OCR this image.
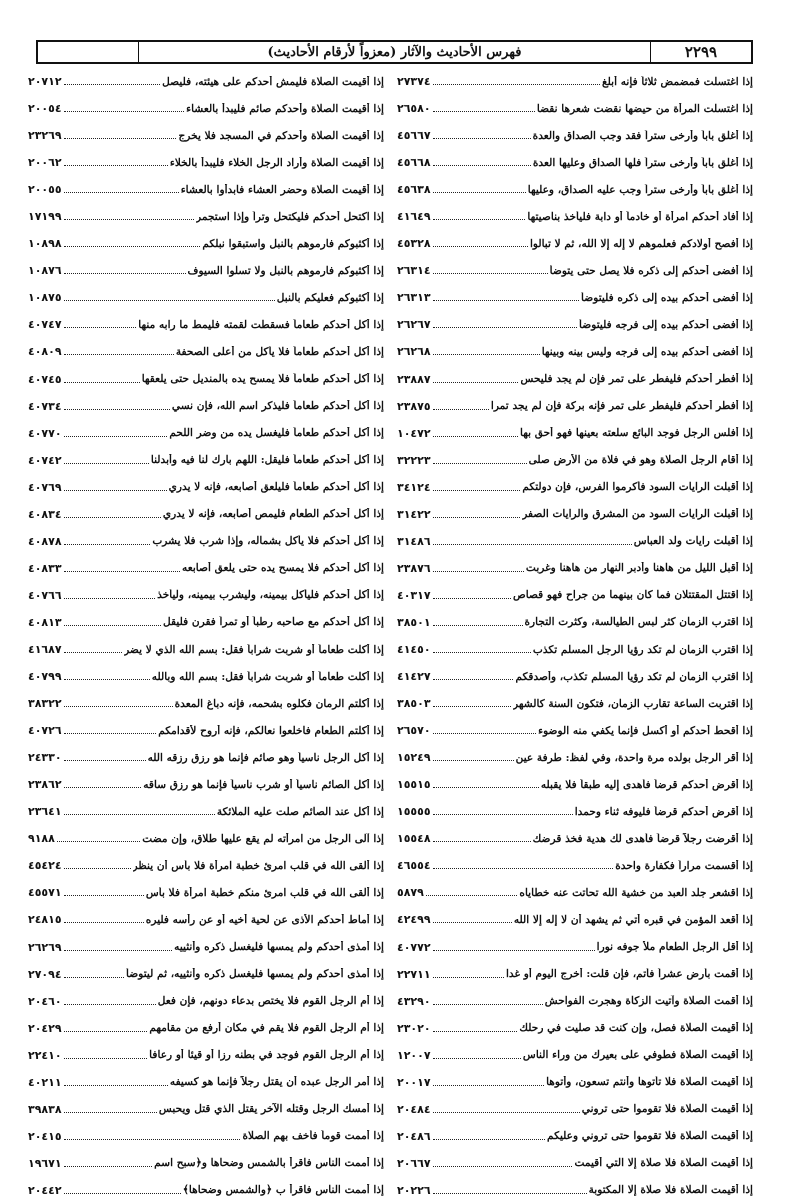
٢٢٩٩
فهرس الأحاديث والآثار (معزواً لأرقام الأحاديث)
إذا اغتسلت فمضمض ثلاثاً فإنه أبلغ
٢٧٣٧٤
إذا اغتسلت المرأة من حيضها نقضت شعرها نقضا
٢٦٥٨٠
إذا أغلق باباً وأرخى ستراً فقد وجب الصداق والعدة
٤٥٦٦٧
إذا أغلق باباً وأرخى ستراً فلها الصداق وعليها العدة
٤٥٦٦٨
إذا أغلق باباً وأرخى ستراً وجب عليه الصداق، وعليها
٤٥٦٣٨
إذا أفاد أحدكم امرأة أو خادماً أو دابة فليأخذ بناصيتها
٤١٦٤٩
إذا أفصح أولادكم فعلموهم لا إله إلا الله، ثم لا تبالوا
٤٥٣٢٨
إذا أفضى أحدكم إلى ذكره فلا يصل حتى يتوضأ
٢٦٣١٤
إذا أفضى أحدكم بيده إلى ذكره فليتوضأ
٢٦٣١٣
إذا أفضى أحدكم بيده إلى فرجه فليتوضأ
٢٦٢٦٧
إذا أفضى أحدكم بيده إلى فرجه وليس بينه وبينها
٢٦٢٦٨
إذا أفطر أحدكم فليفطر على تمر فإن لم يجد فليحس
٢٣٨٨٧
إذا أفطر أحدكم فليفطر على تمر فإنه بركة فإن لم يجد تمرا
٢٣٨٧٥
إذا أفلس الرجل فوجد البائع سلعته بعينها فهو أحق بها
١٠٤٧٢
إذا أقام الرجل الصلاة وهو في فلاة من الأرض صلى
٣٢٢٢٣
إذا أقبلت الرايات السود فأكرموا الفرس، فإن دولتكم
٣٤١٢٤
إذا أقبلت الرايات السود من المشرق والرايات الصفر
٣١٤٢٢
إذا أقبلت رايات ولد العباس
٣١٤٨٦
إذا أقبل الليل من هاهنا وأدبر النهار من هاهنا وغربت
٢٣٨٧٦
إذا اقتتل المقتتلان فما كان بينهما من جراح فهو قصاص
٤٠٣١٧
إذا اقترب الزمان كثر لبس الطيالسة، وكثرت التجارة
٣٨٥٠١
إذا اقترب الزمان لم تكد رؤيا الرجل المسلم تكذب
٤١٤٥٠
إذا اقترب الزمان لم تكد رؤيا المسلم تكذب، وأصدقكم
٤١٤٢٧
إذا اقتربت الساعة تقارب الزمان، فتكون السنة كالشهر
٣٨٥٠٣
إذا أقحط أحدكم أو أكسل فإنما يكفي منه الوضوء
٢٦٥٧٠
إذا أقر الرجل بولده مرة واحدة، وفي لفظ: طرفة عين
١٥٢٤٩
إذا أقرض أحدكم قرضاً فأهدى إليه طبقاً فلا يقبله
١٥٥١٥
إذا أقرض أحدكم قرضاً فليوفه ثناء وحمدا
١٥٥٥٥
إذا أقرضت رجلاً قرضاً فأهدى لك هدية فخذ قرضك
١٥٥٤٨
إذا أقسمت مراراً فكفارة واحدة
٤٦٥٥٤
إذا اقشعر جلد العبد من خشية الله تحاتت عنه خطاياه
٥٨٧٩
إذا أقعد المؤمن في قبره أتي ثم يشهد أن لا إله إلا الله
٤٢٤٩٩
إذا أقل الرجل الطعام ملأ جوفه نورا
٤٠٧٧٢
إذا أقمت بأرض عشراً فأتم، فإن قلت: أخرج اليوم أو غدا
٢٢٧١١
إذا أقمت الصلاة وآتيت الزكاة وهجرت الفواحش
٤٣٢٩٠
إذا أقيمت الصلاة فصل، وإن كنت قد صليت في رحلك
٢٣٠٢٠
إذا أقيمت الصلاة فطوفي على بعيرك من وراء الناس
١٢٠٠٧
إذا أقيمت الصلاة فلا تأتوها وأنتم تسعون، وأتوها
٢٠٠١٧
إذا أقيمت الصلاة فلا تقوموا حتى تروني
٢٠٤٨٤
إذا أقيمت الصلاة فلا تقوموا حتى تروني وعليكم
٢٠٤٨٦
إذا أقيمت الصلاة فلا صلاة إلا التي أقيمت
٢٠٦٦٧
إذا أقيمت الصلاة فلا صلاة إلا المكتوبة
٢٠٢٢٦
إذا أقيمت الصلاة فليمش أحدكم على هيئته، فليصل
٢٠٧١٢
إذا أقيمت الصلاة وأحدكم صائم فليبدأ بالعشاء
٢٠٠٥٤
إذا أقيمت الصلاة وأحدكم في المسجد فلا يخرج
٢٣٢٦٩
إذا أقيمت الصلاة وأراد الرجل الخلاء فليبدأ بالخلاء
٢٠٠٦٢
إذا أقيمت الصلاة وحضر العشاء فابدأوا بالعشاء
٢٠٠٥٥
إذا اكتحل أحدكم فليكتحل وتراً وإذا استجمر
١٧١٩٩
إذا أكثبوكم فارموهم بالنبل واستبقوا نبلكم
١٠٨٩٨
إذا أكثبوكم فارموهم بالنبل ولا تسلوا السيوف
١٠٨٧٦
إذا أكثبوكم فعليكم بالنبل
١٠٨٧٥
إذا أكل أحدكم طعاماً فسقطت لقمته فليمط ما رابه منها
٤٠٧٤٧
إذا أكل أحدكم طعاماً فلا يأكل من أعلى الصحفة
٤٠٨٠٩
إذا أكل أحدكم طعاماً فلا يمسح يده بالمنديل حتى يلعقها
٤٠٧٤٥
إذا أكل أحدكم طعاماً فليذكر اسم الله، فإن نسي
٤٠٧٣٤
إذا أكل أحدكم طعاماً فليغسل يده من وضر اللحم
٤٠٧٧٠
إذا أكل أحدكم طعاماً فليقل: اللهم بارك لنا فيه وأبدلنا
٤٠٧٤٢
إذا أكل أحدكم طعاماً فليلعق أصابعه، فإنه لا يدري
٤٠٧٦٩
إذا أكل أحدكم الطعام فليمص أصابعه، فإنه لا يدري
٤٠٨٣٤
إذا أكل أحدكم فلا يأكل بشماله، وإذا شرب فلا يشرب
٤٠٨٧٨
إذا أكل أحدكم فلا يمسح يده حتى يلعق أصابعه
٤٠٨٣٣
إذا أكل أحدكم فليأكل بيمينه، وليشرب بيمينه، وليأخذ
٤٠٧٦٦
إذا أكل أحدكم مع صاحبه رطباً أو تمراً فقرن فليقل
٤٠٨١٣
إذا أكلت طعاماً أو شربت شراباً فقل: بسم الله الذي لا يضر
٤١٦٨٧
إذا أكلت طعاماً أو شربت شراباً فقل: بسم الله وبالله
٤٠٧٩٩
إذا أكلتم الرمان فكلوه بشحمه، فإنه دباغ المعدة
٣٨٣٢٢
إذا أكلتم الطعام فاخلعوا نعالكم، فإنه أروح لأقدامكم
٤٠٧٢٦
إذا أكل الرجل ناسياً وهو صائم فإنما هو رزق رزقه الله
٢٤٣٣٠
إذا أكل الصائم ناسياً أو شرب ناسياً فإنما هو رزق ساقه
٢٣٨٦٢
إذا أكل عند الصائم صلت عليه الملائكة
٢٣٦٤١
إذا آلى الرجل من امرأته لم يقع عليها طلاق، وإن مضت
٩١٨٨
إذا ألقى الله في قلب امرئ خطبة امرأة فلا بأس أن ينظر
٤٥٤٢٤
إذا ألقى الله في قلب امرئ منكم خطبة امرأة فلا بأس
٤٥٥٧١
إذا أماط أحدكم الأذى عن لحية أخيه أو عن رأسه فليره
٢٤٨١٥
إذا أمذى أحدكم ولم يمسها فليغسل ذكره وأنثييه
٢٦٢٦٩
إذا أمذى أحدكم ولم يمسها فليغسل ذكره وأنثييه، ثم ليتوضأ
٢٧٠٩٤
إذا أم الرجل القوم فلا يختص بدعاء دونهم، فإن فعل
٢٠٤٦٠
إذا أم الرجل القوم فلا يقم في مكان أرفع من مقامهم
٢٠٤٢٩
إذا أم الرجل القوم فوجد في بطنه رزا أو قيئا أو رعافا
٢٢٤١٠
إذا أمر الرجل عبده أن يقتل رجلاً فإنما هو كسيفه
٤٠٢١١
إذا أمسك الرجل وقتله الآخر يقتل الذي قتل ويحبس
٣٩٨٣٨
إذا أممت قوماً فأخف بهم الصلاة
٢٠٤١٥
إذا أممت الناس فاقرأ بالشمس وضحاها و﴿سبح اسم
١٩٦٧١
إذا أممت الناس فاقرأ ب ﴿والشمس وضحاها﴾
٢٠٤٤٢
